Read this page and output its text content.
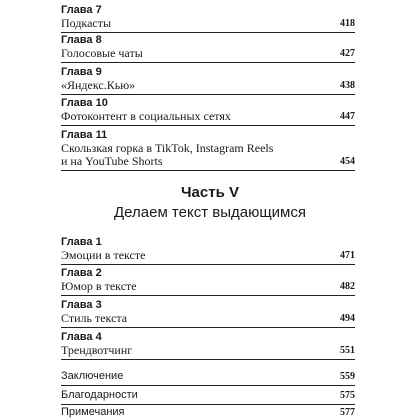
Глава 7
Подкасты	418
Глава 8
Голосовые чаты	427
Глава 9
«Яндекс.Кью»	438
Глава 10
Фотоконтент в социальных сетях	447
Глава 11
Скользкая горка в TikTok, Instagram Reels
и на YouTube Shorts	454
Часть V
Делаем текст выдающимся
Глава 1
Эмоции в тексте	471
Глава 2
Юмор в тексте	482
Глава 3
Стиль текста	494
Глава 4
Трендвотчинг	551
Заключение	559
Благодарности	575
Примечания	577
